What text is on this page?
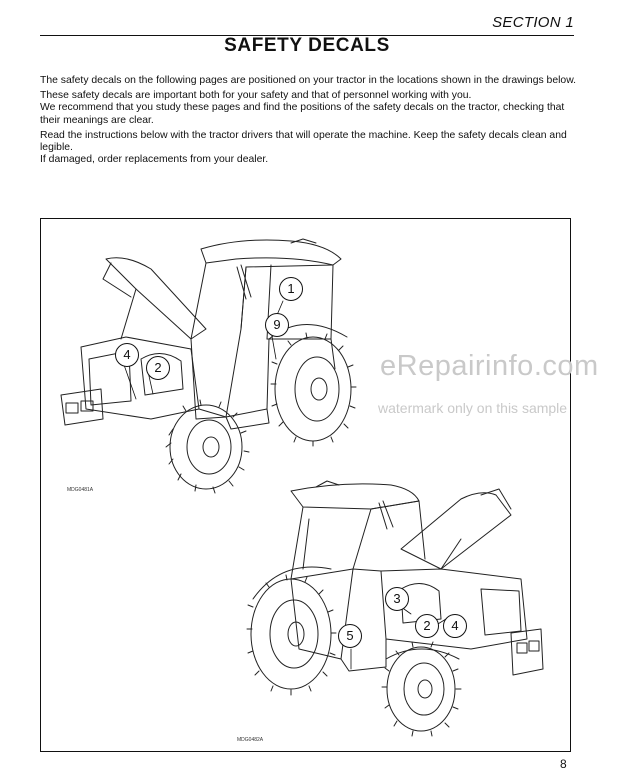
SECTION 1
SAFETY DECALS

The safety decals on the following pages are positioned on your tractor in the locations shown in the drawings below.

These safety decals are important both for your safety and that of personnel working with you.

We recommend that you study these pages and find the positions of the safety decals on the tractor, checking that their meanings are clear.

Read the instructions below with the tractor drivers that will operate the machine. Keep the safety decals clean and legible.

If damaged, order replacements from your dealer.

MDG0481A
MDG0482A
1
9
4
2
3
2	4
5
eRepairinfo.com
watermark only on this sample
8
